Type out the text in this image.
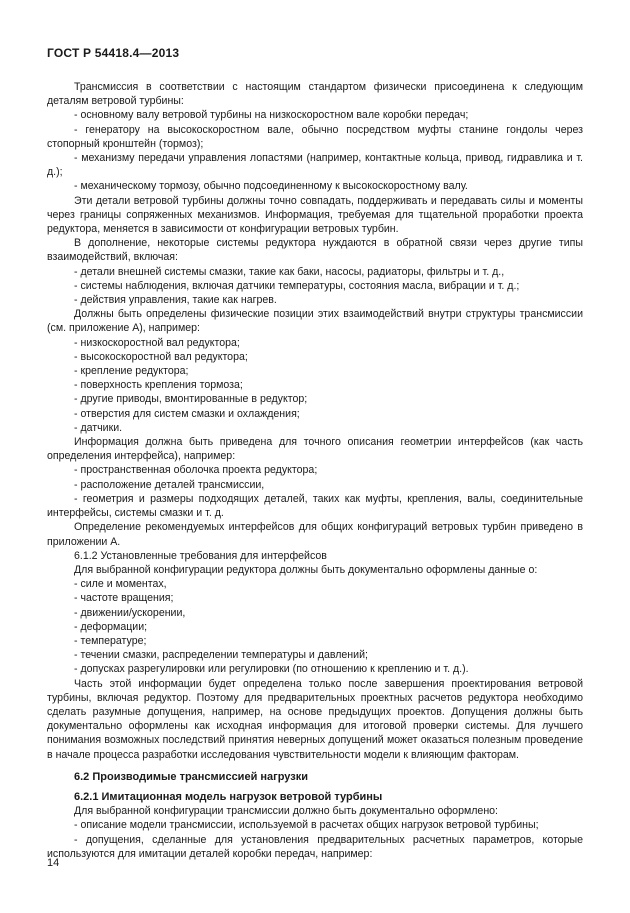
ГОСТ Р 54418.4—2013

Трансмиссия в соответствии с настоящим стандартом физически присоединена к следующим деталям ветровой турбины:

- основному валу ветровой турбины на низкоскоростном вале коробки передач;

- генератору на высокоскоростном вале, обычно посредством муфты станине гондолы через стопорный кронштейн (тормоз);

- механизму передачи управления лопастями (например, контактные кольца, привод, гидравлика и т. д.);

- механическому тормозу, обычно подсоединенному к высокоскоростному валу.

Эти детали ветровой турбины должны точно совпадать, поддерживать и передавать силы и моменты через границы сопряженных механизмов. Информация, требуемая для тщательной проработки проекта редуктора, меняется в зависимости от конфигурации ветровых турбин.

В дополнение, некоторые системы редуктора нуждаются в обратной связи через другие типы взаимодействий, включая:

- детали внешней системы смазки, такие как баки, насосы, радиаторы, фильтры и т. д.,

- системы наблюдения, включая датчики температуры, состояния масла, вибрации и т. д.;

- действия управления, такие как нагрев.

Должны быть определены физические позиции этих взаимодействий внутри структуры трансмиссии (см. приложение А), например:

- низкоскоростной вал редуктора;

- высокоскоростной вал редуктора;

- крепление редуктора;

- поверхность крепления тормоза;

- другие приводы, вмонтированные в редуктор;

- отверстия для систем смазки и охлаждения;

- датчики.

Информация должна быть приведена для точного описания геометрии интерфейсов (как часть определения интерфейса), например:

- пространственная оболочка проекта редуктора;

- расположение деталей трансмиссии,

- геометрия и размеры подходящих деталей, таких как муфты, крепления, валы, соединительные интерфейсы, системы смазки и т. д.

Определение рекомендуемых интерфейсов для общих конфигураций ветровых турбин приведено в приложении А.

6.1.2 Установленные требования для интерфейсов

Для выбранной конфигурации редуктора должны быть документально оформлены данные о:

- силе и моментах,

- частоте вращения;

- движении/ускорении,

- деформации;

- температуре;

- течении смазки, распределении температуры и давлений;

- допусках разрегулировки или регулировки (по отношению к креплению и т. д.).

Часть этой информации будет определена только после завершения проектирования ветровой турбины, включая редуктор. Поэтому для предварительных проектных расчетов редуктора необходимо сделать разумные допущения, например, на основе предыдущих проектов. Допущения должны быть документально оформлены как исходная информация для итоговой проверки системы. Для лучшего понимания возможных последствий принятия неверных допущений может оказаться полезным проведение в начале процесса разработки исследования чувствительности модели к влияющим факторам.

6.2 Производимые трансмиссией нагрузки

6.2.1 Имитационная модель нагрузок ветровой турбины

Для выбранной конфигурации трансмиссии должно быть документально оформлено:

- описание модели трансмиссии, используемой в расчетах общих нагрузок ветровой турбины;

- допущения, сделанные для установления предварительных расчетных параметров, которые используются для имитации деталей коробки передач, например:

14
